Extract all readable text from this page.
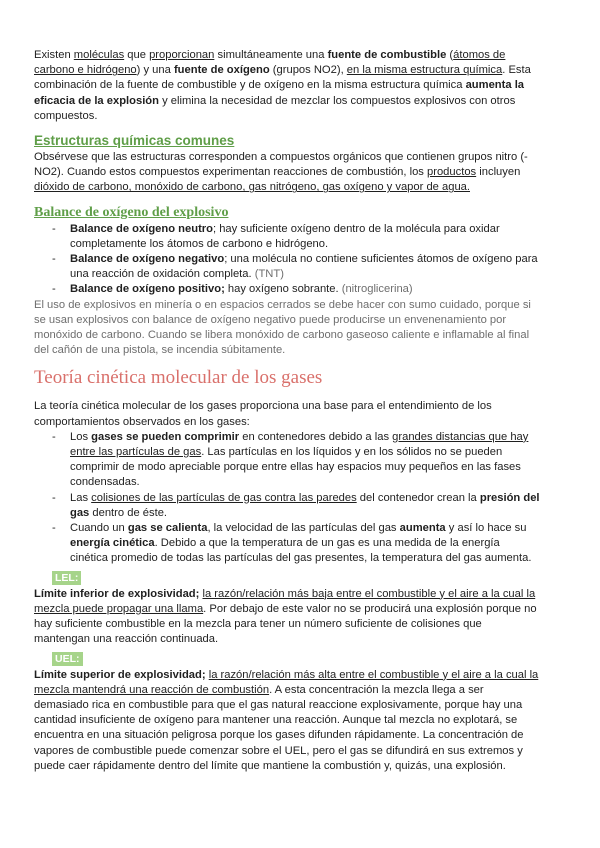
Existen moléculas que proporcionan simultáneamente una fuente de combustible (átomos de carbono e hidrógeno) y una fuente de oxígeno (grupos NO2), en la misma estructura química. Esta combinación de la fuente de combustible y de oxígeno en la misma estructura química aumenta la eficacia de la explosión y elimina la necesidad de mezclar los compuestos explosivos con otros compuestos.

Estructuras químicas comunes

Obsérvese que las estructuras corresponden a compuestos orgánicos que contienen grupos nitro (-NO2). Cuando estos compuestos experimentan reacciones de combustión, los productos incluyen dióxido de carbono, monóxido de carbono, gas nitrógeno, gas oxígeno y vapor de agua.

Balance de oxígeno del explosivo
- Balance de oxígeno neutro; hay suficiente oxígeno dentro de la molécula para oxidar completamente los átomos de carbono e hidrógeno.
- Balance de oxígeno negativo; una molécula no contiene suficientes átomos de oxígeno para una reacción de oxidación completa. (TNT)
- Balance de oxígeno positivo; hay oxígeno sobrante. (nitroglicerina)

El uso de explosivos en minería o en espacios cerrados se debe hacer con sumo cuidado, porque si se usan explosivos con balance de oxígeno negativo puede producirse un envenenamiento por monóxido de carbono. Cuando se libera monóxido de carbono gaseoso caliente e inflamable al final del cañón de una pistola, se incendia súbitamente.

Teoría cinética molecular de los gases

La teoría cinética molecular de los gases proporciona una base para el entendimiento de los comportamientos observados en los gases:

- Los gases se pueden comprimir en contenedores debido a las grandes distancias que hay entre las partículas de gas. Las partículas en los líquidos y en los sólidos no se pueden comprimir de modo apreciable porque entre ellas hay espacios muy pequeños en las fases condensadas.
- Las colisiones de las partículas de gas contra las paredes del contenedor crean la presión del gas dentro de éste.
- Cuando un gas se calienta, la velocidad de las partículas del gas aumenta y así lo hace su energía cinética. Debido a que la temperatura de un gas es una medida de la energía cinética promedio de todas las partículas del gas presentes, la temperatura del gas aumenta.
LEL:

Límite inferior de explosividad; la razón/relación más baja entre el combustible y el aire a la cual la mezcla puede propagar una llama. Por debajo de este valor no se producirá una explosión porque no hay suficiente combustible en la mezcla para tener un número suficiente de colisiones que mantengan una reacción continuada.

UEL:

Límite superior de explosividad; la razón/relación más alta entre el combustible y el aire a la cual la mezcla mantendrá una reacción de combustión. A esta concentración la mezcla llega a ser demasiado rica en combustible para que el gas natural reaccione explosivamente, porque hay una cantidad insuficiente de oxígeno para mantener una reacción. Aunque tal mezcla no explotará, se encuentra en una situación peligrosa porque los gases difunden rápidamente. La concentración de vapores de combustible puede comenzar sobre el UEL, pero el gas se difundirá en sus extremos y puede caer rápidamente dentro del límite que mantiene la combustión y, quizás, una explosión.
